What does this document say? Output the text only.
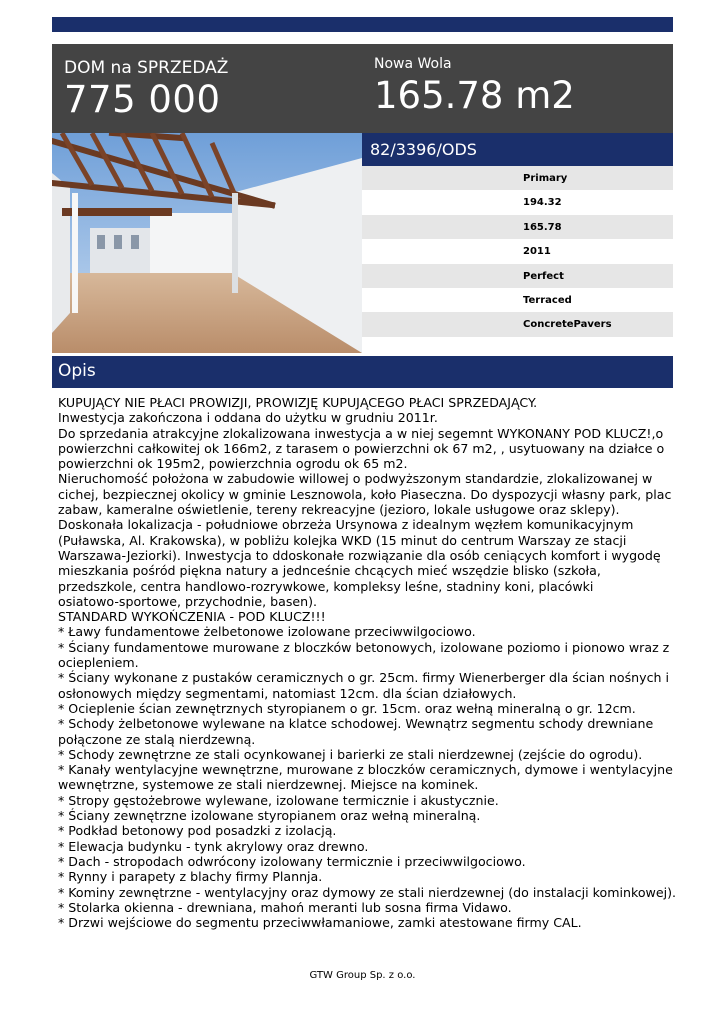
DOM na SPRZEDAŻ
775 000
Nowa Wola
165.78 m2
82/3396/ODS
Primary
194.32
165.78
2011
Perfect
Terraced
ConcretePavers
Opis
KUPUJĄCY NIE PŁACI PROWIZJI, PROWIZJĘ KUPUJĄCEGO PŁACI SPRZEDAJĄCY.
Inwestycja zakończona i oddana do użytku w grudniu 2011r.
Do sprzedania atrakcyjne zlokalizowana inwestycja a w niej segemnt WYKONANY POD KLUCZ!,o
powierzchni całkowitej ok 166m2, z tarasem o powierzchni ok 67 m2, , usytuowany na działce o
powierzchni ok 195m2, powierzchnia ogrodu ok 65 m2.
Nieruchomość położona w zabudowie willowej o podwyższonym standardzie, zlokalizowanej w
cichej, bezpiecznej okolicy w gminie Lesznowola, koło Piaseczna. Do dyspozycji własny park, plac
zabaw, kameralne oświetlenie, tereny rekreacyjne (jezioro, lokale usługowe oraz sklepy).
Doskonała lokalizacja - południowe obrzeża Ursynowa z idealnym węzłem komunikacyjnym
(Puławska, Al. Krakowska), w pobliżu kolejka WKD (15 minut do centrum Warszay ze stacji
Warszawa-Jeziorki). Inwestycja to ddoskonałe rozwiązanie dla osób ceniących komfort i wygodę
mieszkania pośród piękna natury a jednceśnie chcących mieć wszędzie blisko (szkoła,
przedszkole, centra handlowo-rozrywkowe, kompleksy leśne, stadniny koni, placówki
osiatowo-sportowe, przychodnie, basen).
STANDARD WYKOŃCZENIA - POD KLUCZ!!!
* Ławy fundamentowe żelbetonowe izolowane przeciwwilgociowo.
* Ściany fundamentowe murowane z bloczków betonowych, izolowane poziomo i pionowo wraz z
ociepleniem.
* Ściany wykonane z pustaków ceramicznych o gr. 25cm. firmy Wienerberger dla ścian nośnych i
osłonowych między segmentami, natomiast 12cm. dla ścian działowych.
* Ocieplenie ścian zewnętrznych styropianem o gr. 15cm. oraz wełną mineralną o gr. 12cm.
* Schody żelbetonowe wylewane na klatce schodowej. Wewnątrz segmentu schody drewniane
połączone ze stalą nierdzewną.
* Schody zewnętrzne ze stali ocynkowanej i barierki ze stali nierdzewnej (zejście do ogrodu).
* Kanały wentylacyjne wewnętrzne, murowane z bloczków ceramicznych, dymowe i wentylacyjne
wewnętrzne, systemowe ze stali nierdzewnej. Miejsce na kominek.
* Stropy gęstożebrowe wylewane, izolowane termicznie i akustycznie.
* Ściany zewnętrzne izolowane styropianem oraz wełną mineralną.
* Podkład betonowy pod posadzki z izolacją.
* Elewacja budynku - tynk akrylowy oraz drewno.
* Dach - stropodach odwrócony izolowany termicznie i przeciwwilgociowo.
* Rynny i parapety z blachy firmy Plannja.
* Kominy zewnętrzne - wentylacyjny oraz dymowy ze stali nierdzewnej (do instalacji kominkowej).
* Stolarka okienna - drewniana, mahoń meranti lub sosna firma Vidawo.
* Drzwi wejściowe do segmentu przeciwwłamaniowe, zamki atestowane firmy CAL.
GTW Group Sp. z o.o.
